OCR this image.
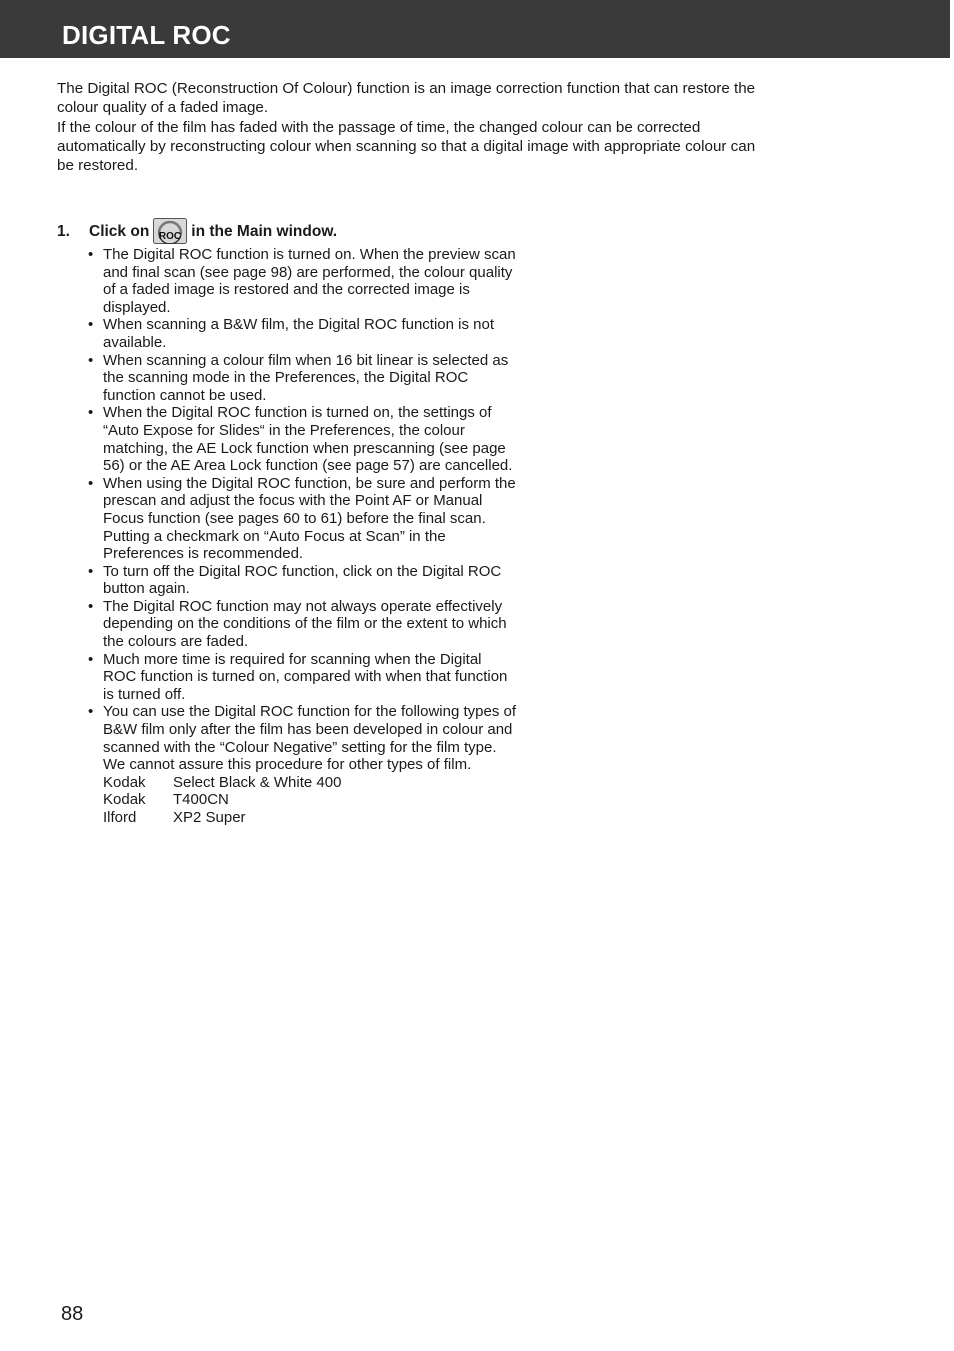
DIGITAL ROC

The Digital ROC (Reconstruction Of Colour) function is an image correction function that can restore the colour quality of a faded image.

If the colour of the film has faded with the passage of time, the changed colour can be corrected automatically by reconstructing colour when scanning so that a digital image with appropriate colour can be restored.

1. Click on ROC in the Main window.
• The Digital ROC function is turned on. When the preview scan and final scan (see page 98) are performed, the colour quality of a faded image is restored and the corrected image is displayed.
• When scanning a B&W film, the Digital ROC function is not available.
• When scanning a colour film when 16 bit linear is selected as the scanning mode in the Preferences, the Digital ROC function cannot be used.
• When the Digital ROC function is turned on, the settings of “Auto Expose for Slides“ in the Preferences, the colour matching, the AE Lock function when prescanning (see page 56) or the AE Area Lock function (see page 57) are cancelled.
• When using the Digital ROC function, be sure and perform the prescan and adjust the focus with the Point AF or Manual Focus function (see pages 60 to 61) before the final scan. Putting a checkmark on “Auto Focus at Scan” in the Preferences is recommended.
• To turn off the Digital ROC function, click on the Digital ROC button again.
• The Digital ROC function may not always operate effectively depending on the conditions of the film or the extent to which the colours are faded.
• Much more time is required for scanning when the Digital ROC function is turned on, compared with when that function is turned off.
• You can use the Digital ROC function for the following types of B&W film only after the film has been developed in colour and scanned with the “Colour Negative” setting for the film type. We cannot assure this procedure for other types of film.
Kodak	Select Black & White 400
Kodak	T400CN
Ilford	XP2 Super
88
